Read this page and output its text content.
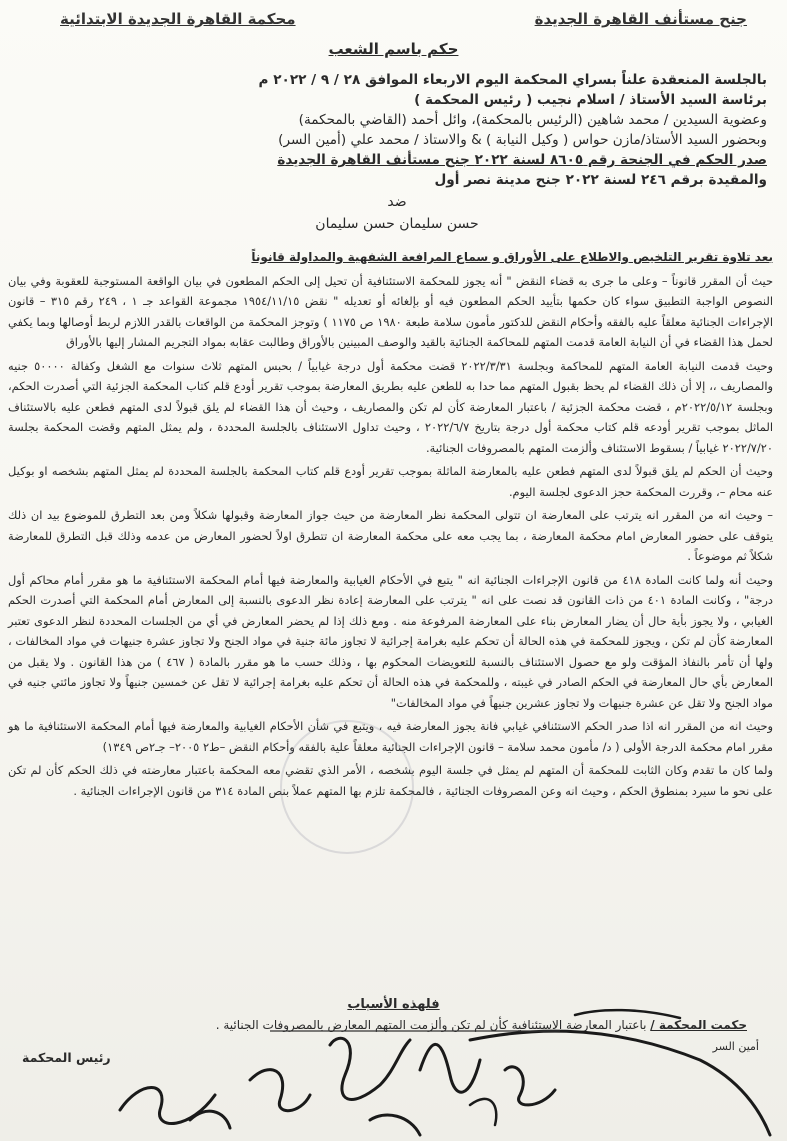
محكمة القاهرة الجديدة الابتدائية	جنح مستأنف القاهرة الجديدة
حكم باسم الشعب
بالجلسة المنعقدة علناً بسراي المحكمة اليوم الاربعاء الموافق ٢٨ / ٩ / ٢٠٢٢ م
برئاسة السيد الأستاذ / اسلام نجيب ( رئيس المحكمة )
وعضوية السيدين / محمد شاهين (الرئيس بالمحكمة)، وائل أحمد (القاضي بالمحكمة)
وبحضور السيد الأستاذ/مازن حواس ( وكيل النيابة ) & والاستاذ / محمد علي (أمين السر)
صدر الحكم في الجنحة رقم ٨٦٠٥ لسنة ٢٠٢٢ جنح مستأنف القاهرة الجديدة
والمقيدة برقم ٢٤٦ لسنة ٢٠٢٢ جنح مدينة نصر أول
ضد
حسن سليمان حسن سليمان

بعد تلاوة تقرير التلخيص والاطلاع على الأوراق و سماع المرافعة الشفهية والمداولة قانوناً

حيث أن المقرر قانوناً – وعلى ما جرى به قضاء النقض " أنه يجوز للمحكمة الاستئنافية أن تحيل إلى الحكم المطعون في بيان الواقعة المستوجبة للعقوبة وفي بيان النصوص الواجبة التطبيق سواء كان حكمها بتأييد الحكم المطعون فيه أو بإلغائه أو تعديله " نقض ١٩٥٤/١١/١٥ مجموعة القواعد جـ ١ ، ٢٤٩ رقم ٣١٥ – قانون الإجراءات الجنائية معلقاً عليه بالفقه وأحكام النقض للدكتور مأمون سلامة طبعة ١٩٨٠ ص ١١٧٥ ) وتوجز المحكمة من الواقعات بالقدر اللازم لربط أوصالها وبما يكفي لحمل هذا القضاء في أن النيابة العامة قدمت المتهم للمحاكمة الجنائية بالقيد والوصف المبينين بالأوراق وطالبت عقابه بمواد التجريم المشار إليها بالأوراق

وحيث قدمت النيابة العامة المتهم للمحاكمة وبجلسة ٢٠٢٢/٣/٣١ قضت محكمة أول درجة غيابياً / بحبس المتهم ثلاث سنوات مع الشغل وكفالة ٥٠٠٠٠ جنيه والمصاريف ،، إلا أن ذلك القضاء لم يحظ بقبول المتهم مما حدا به للطعن عليه بطريق المعارضة بموجب تقرير أودع قلم كتاب المحكمة الجزئية التي أصدرت الحكم، وبجلسة ٢٠٢٢/٥/١٢م ، قضت محكمة الجزئية / باعتبار المعارضة كأن لم تكن والمصاريف ، وحيث أن هذا القضاء لم يلق قبولاً لدى المتهم فطعن عليه بالاستئناف الماثل بموجب تقرير أودعه قلم كتاب محكمة أول درجة بتاريخ ٢٠٢٢/٦/٧ ، وحيث تداول الاستئناف بالجلسة المحددة ، ولم يمثل المتهم وقضت المحكمة بجلسة ٢٠٢٢/٧/٢٠ غيابياً / بسقوط الاستئناف وألزمت المتهم بالمصروفات الجنائية.

وحيث أن الحكم لم يلق قبولاً لدى المتهم فطعن عليه بالمعارضة الماثلة بموجب تقرير أودع قلم كتاب المحكمة بالجلسة المحددة لم يمثل المتهم بشخصه او بوكيل عنه محام –، وقررت المحكمة حجز الدعوى لجلسة اليوم.

– وحيث انه من المقرر انه يترتب على المعارضة ان تتولى المحكمة نظر المعارضة من حيث جواز المعارضة وقبولها شكلاً ومن بعد التطرق للموضوع بيد ان ذلك يتوقف على حضور المعارض امام محكمة المعارضة ، بما يجب معه على محكمة المعارضة ان تتطرق اولاً لحضور المعارض من عدمه وذلك قبل التطرق للمعارضة شكلاً ثم موضوعاً .

وحيث أنه ولما كانت المادة ٤١٨ من قانون الإجراءات الجنائية انه " يتبع في الأحكام الغيابية والمعارضة فيها أمام المحكمة الاستئنافية ما هو مقرر أمام محاكم أول درجة" ، وكانت المادة ٤٠١ من ذات القانون قد نصت على انه " يترتب على المعارضة إعادة نظر الدعوى بالنسبة إلى المعارض أمام المحكمة التي أصدرت الحكم الغيابي ، ولا يجوز بأية حال أن يضار المعارض بناء على المعارضة المرفوعة منه . ومع ذلك إذا لم يحضر المعارض في أي من الجلسات المحددة لنظر الدعوى تعتبر المعارضة كأن لم تكن ، ويجوز للمحكمة في هذه الحالة أن تحكم عليه بغرامة إجرائية لا تجاوز مائة جنية في مواد الجنح ولا تجاوز عشرة جنيهات في مواد المخالفات ، ولها أن تأمر بالنفاذ المؤقت ولو مع حصول الاستئناف بالنسبة للتعويضات المحكوم بها ، وذلك حسب ما هو مقرر بالمادة ( ٤٦٧ ) من هذا القانون . ولا يقبل من المعارض بأي حال المعارضة في الحكم الصادر في غيبته ، وللمحكمة في هذه الحالة أن تحكم عليه بغرامة إجرائية لا تقل عن خمسين جنيهاً ولا تجاوز مائتي جنيه في مواد الجنح ولا تقل عن عشرة جنيهات ولا تجاوز عشرين جنيهاً في مواد المخالفات"

وحيث انه من المقرر انه اذا صدر الحكم الاستئنافي غيابي فانة يجوز المعارضة فيه ، ويتبع في شأن الأحكام الغيابية والمعارضة فيها أمام المحكمة الاستئنافية ما هو مقرر امام محكمة الدرجة الأولى ( د/ مأمون محمد سلامة – قانون الإجراءات الجنائية معلقاً علية بالفقه وأحكام النقض –ط٢ ٢٠٠٥– جـ٢ص ١٣٤٩)

ولما كان ما تقدم وكان الثابت للمحكمة أن المتهم لم يمثل في جلسة اليوم بشخصه ، الأمر الذي تقضي معه المحكمة باعتبار معارضته في ذلك الحكم كأن لم تكن على نحو ما سيرد بمنطوق الحكم ، وحيث انه وعن المصروفات الجنائية ، فالمحكمة تلزم بها المتهم عملاً بنص المادة ٣١٤ من قانون الإجراءات الجنائية .

فلهذه الأسباب
حكمت المحكمة / باعتبار المعارضة الاستئنافية كأن لم تكن وألزمت المتهم المعارض بالمصروفات الجنائية .
أمين السر
رئيس المحكمة
